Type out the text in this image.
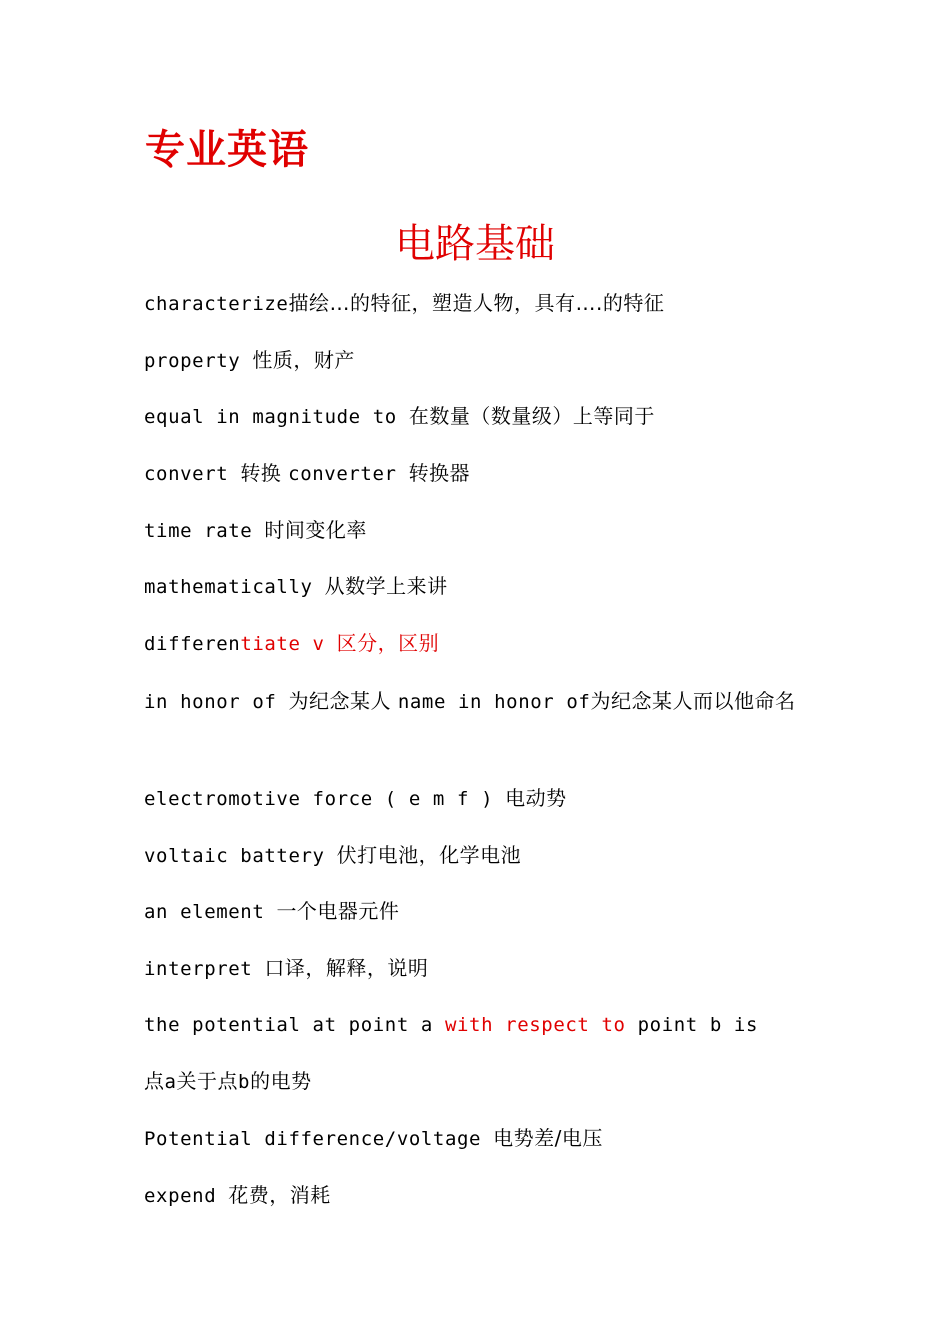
专业英语
电路基础
characterize描绘…的特征，塑造人物，具有….的特征
property 性质，财产
equal in magnitude to 在数量（数量级）上等同于
convert 转换 converter 转换器
time rate 时间变化率
mathematically 从数学上来讲
differentiate v 区分，区别
in honor of 为纪念某人 name in honor of为纪念某人而以他命名
electromotive force ( e m f ) 电动势
voltaic battery 伏打电池，化学电池
an element 一个电器元件
interpret 口译，解释，说明
the potential at point a with respect to point b is
点a关于点b的电势
Potential difference/voltage 电势差/电压
expend 花费，消耗
